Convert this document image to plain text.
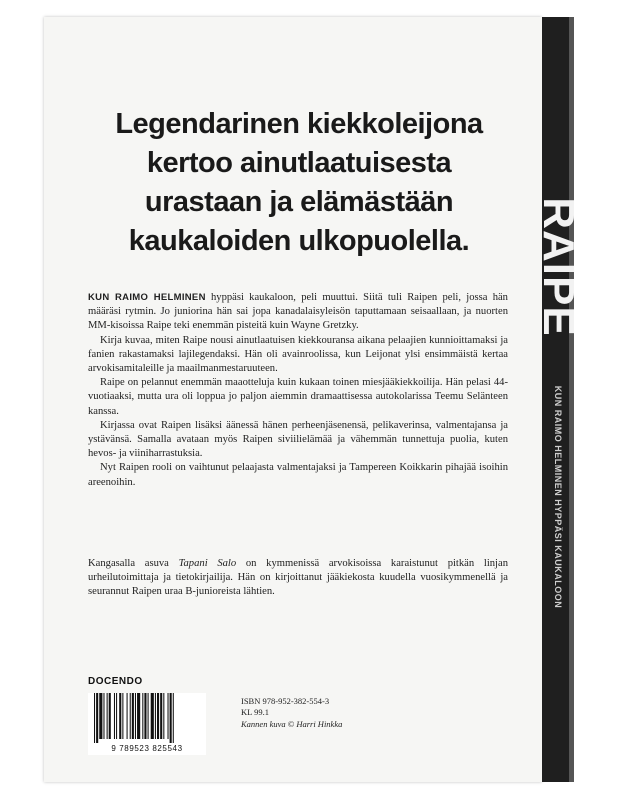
RAIPE
KUN RAIMO HELMINEN HYPPÄSI KAUKALOON
Legendarinen kiekkoleijona
kertoo ainutlaatuisesta
urastaan ja elämästään
kaukaloiden ulkopuolella.

KUN RAIMO HELMINEN hyppäsi kaukaloon, peli muuttui. Siitä tuli Raipen peli, jossa hän määräsi rytmin. Jo juniorina hän sai jopa kanadalaisyleisön taputtamaan seisaallaan, ja nuorten MM-kisoissa Raipe teki enemmän pisteitä kuin Wayne Gretzky.

Kirja kuvaa, miten Raipe nousi ainutlaatuisen kiekkouransa aikana pelaajien kunnioittamaksi ja fanien rakastamaksi lajilegendaksi. Hän oli avainroolissa, kun Leijonat ylsi ensimmäistä kertaa arvokisamitaleille ja maailmanmestaruuteen.

Raipe on pelannut enemmän maaotteluja kuin kukaan toinen miesjääkiekkoilija. Hän pelasi 44-vuotiaaksi, mutta ura oli loppua jo paljon aiemmin dramaattisessa autokolarissa Teemu Selänteen kanssa.

Kirjassa ovat Raipen lisäksi äänessä hänen perheenjäsenensä, pelikaverinsa, valmentajansa ja ystävänsä. Samalla avataan myös Raipen siviilielämää ja vähemmän tunnettuja puolia, kuten hevos- ja viiniharrastuksia.

Nyt Raipen rooli on vaihtunut pelaajasta valmentajaksi ja Tampereen Koikkarin pihajää isoihin areenoihin.

Kangasalla asuva Tapani Salo on kymmenissä arvokisoissa karaistunut pitkän linjan urheilutoimittaja ja tietokirjailija. Hän on kirjoittanut jääkiekosta kuudella vuosikymmenellä ja seurannut Raipen uraa B-junioreista lähtien.
DOCENDO
9 789523 825543
ISBN 978-952-382-554-3
KL 99.1
Kannen kuva © Harri Hinkka
